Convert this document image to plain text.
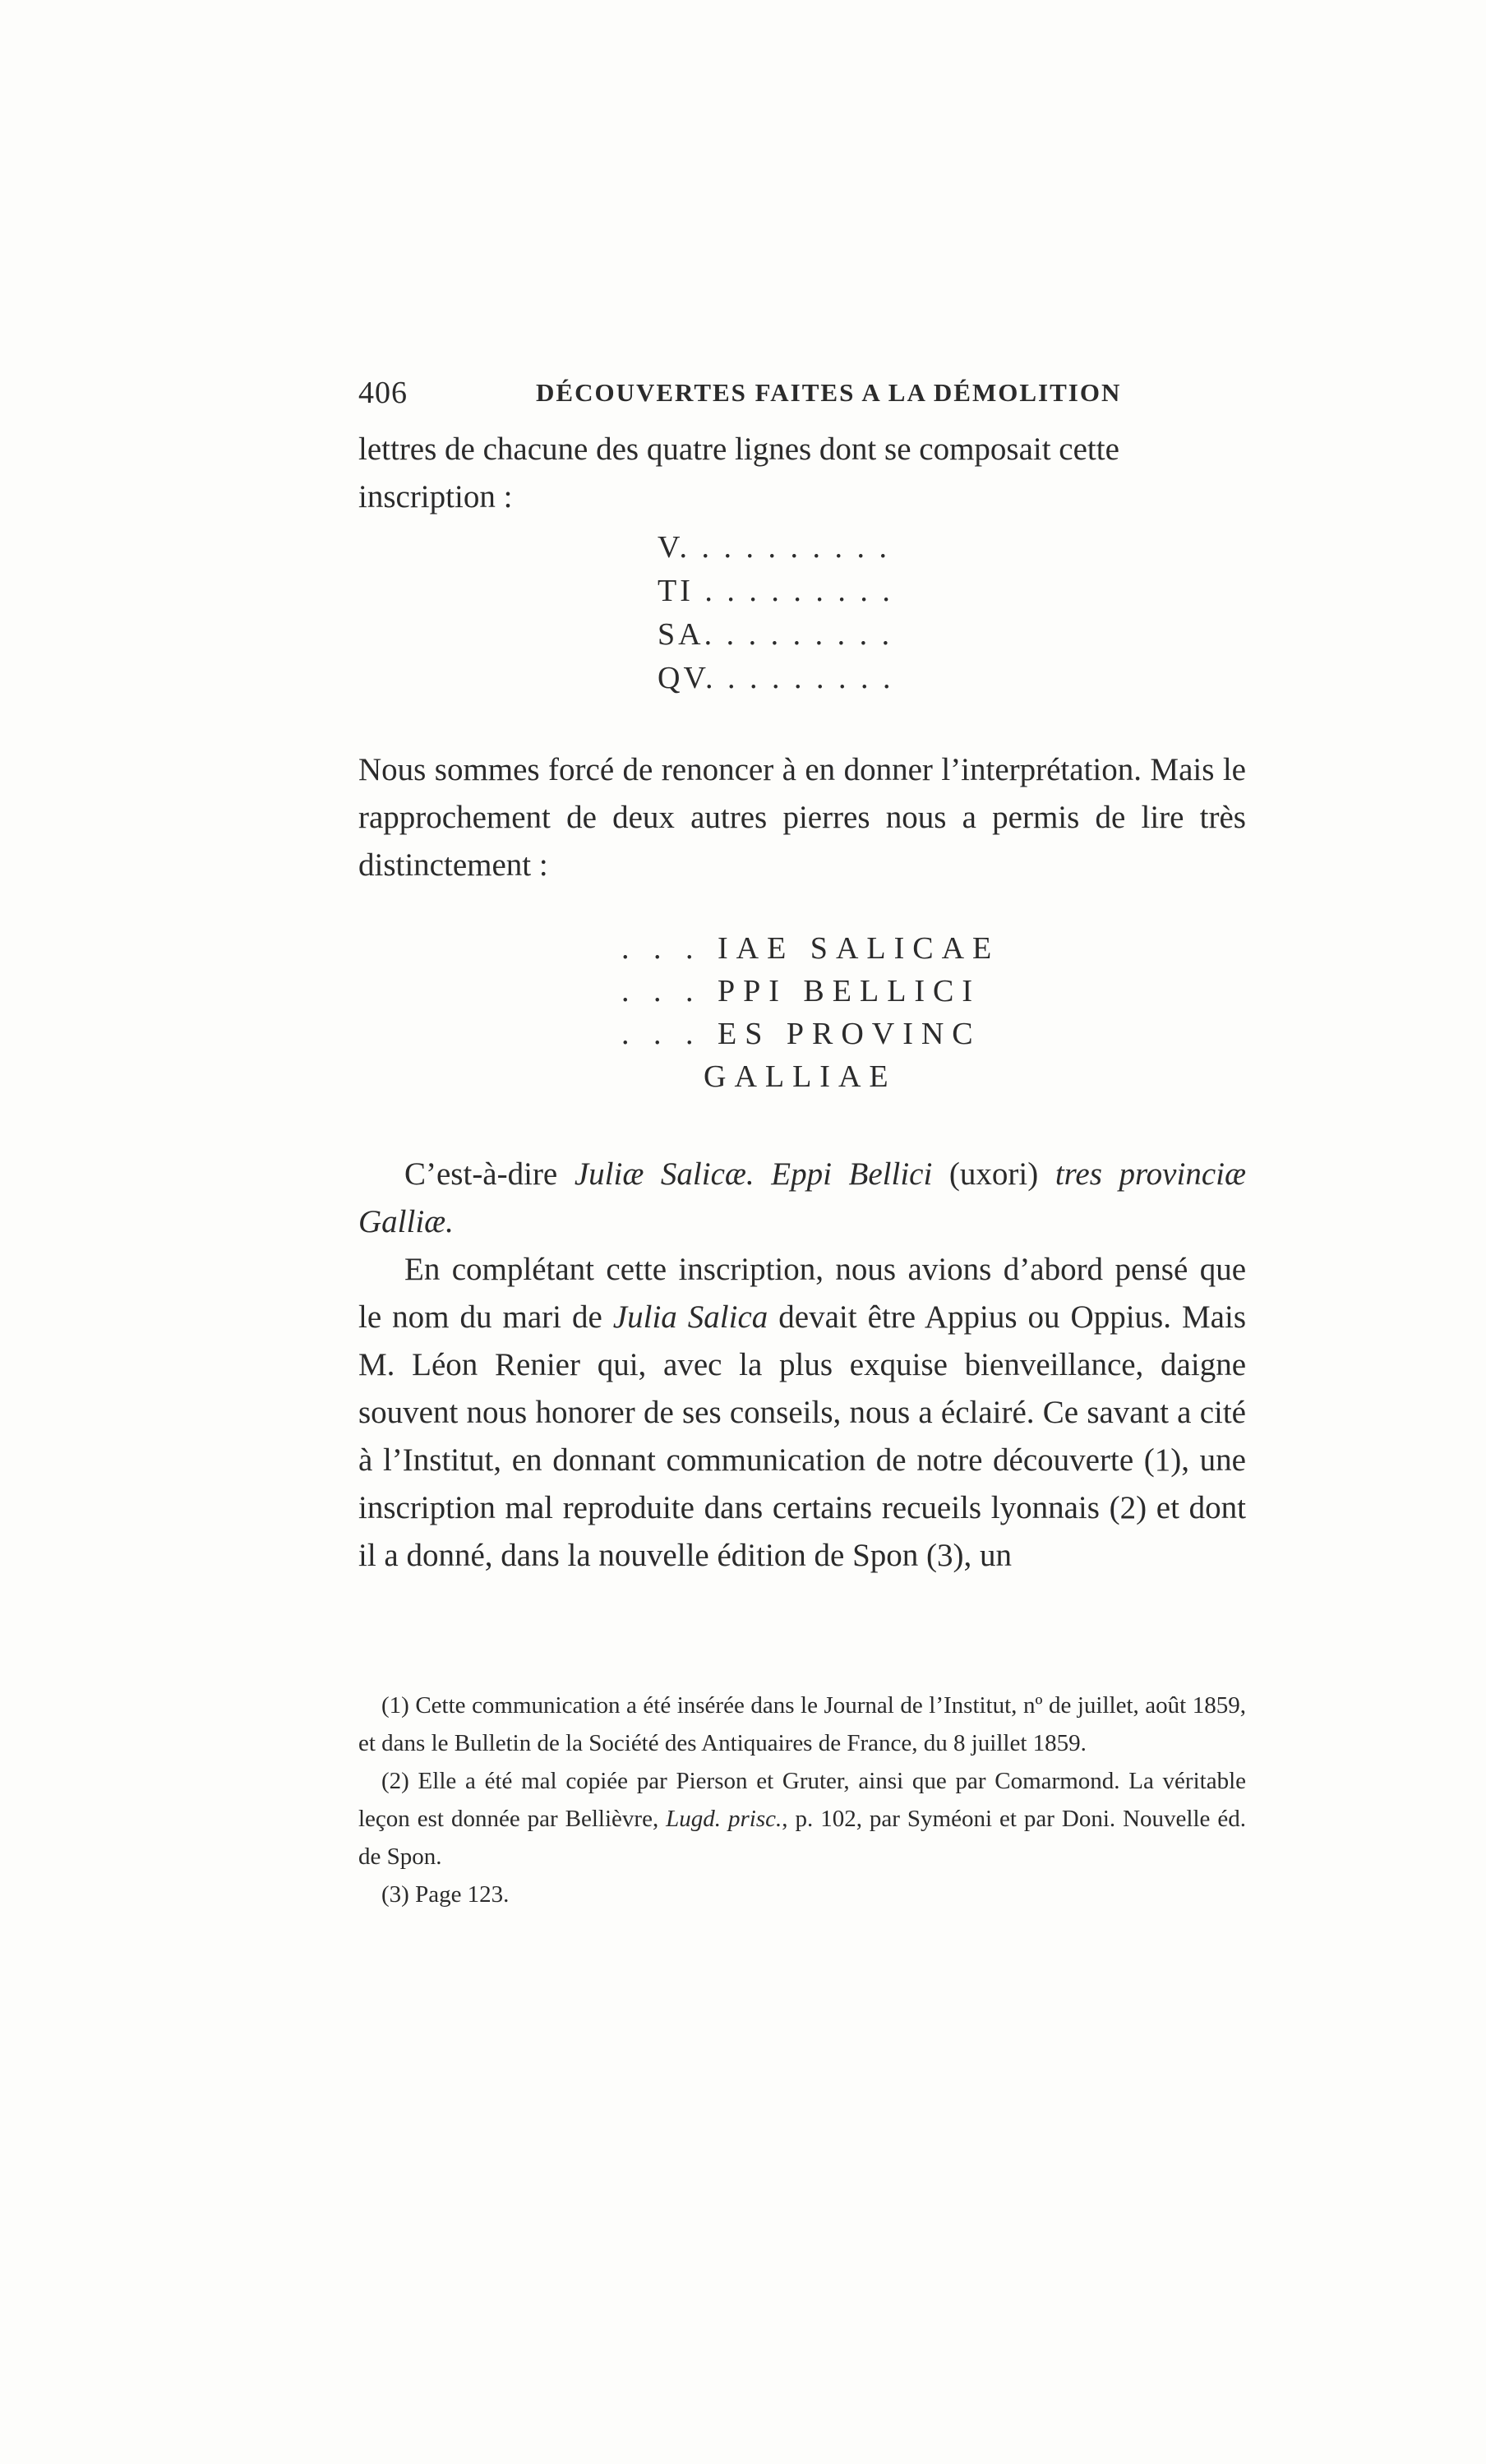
406	DÉCOUVERTES FAITES A LA DÉMOLITION

lettres de chacune des quatre lignes dont se composait cette

inscription :

V. . . . . . . . . .
TI . . . . . . . . .
SA. . . . . . . . .
QV. . . . . . . . .

Nous sommes forcé de renoncer à en donner l’interprétation. Mais le rapprochement de deux autres pierres nous a permis de lire très distinctement :

. . . IAE SALICAE
. . . PPI BELLICI
. . . ES PROVINC
GALLIAE

C’est-à-dire Juliæ Salicæ. Eppi Bellici (uxori) tres provinciæ Galliæ.

En complétant cette inscription, nous avions d’abord pensé que le nom du mari de Julia Salica devait être Appius ou Oppius. Mais M. Léon Renier qui, avec la plus exquise bienveillance, daigne souvent nous honorer de ses conseils, nous a éclairé. Ce savant a cité à l’Institut, en donnant communication de notre découverte (1), une inscription mal reproduite dans certains recueils lyonnais (2) et dont il a donné, dans la nouvelle édition de Spon (3), un

(1) Cette communication a été insérée dans le Journal de l’Institut, nº de juillet, août 1859, et dans le Bulletin de la Société des Antiquaires de France, du 8 juillet 1859.

(2) Elle a été mal copiée par Pierson et Gruter, ainsi que par Comarmond. La véritable leçon est donnée par Bellièvre, Lugd. prisc., p. 102, par Syméoni et par Doni. Nouvelle éd. de Spon.

(3) Page 123.
